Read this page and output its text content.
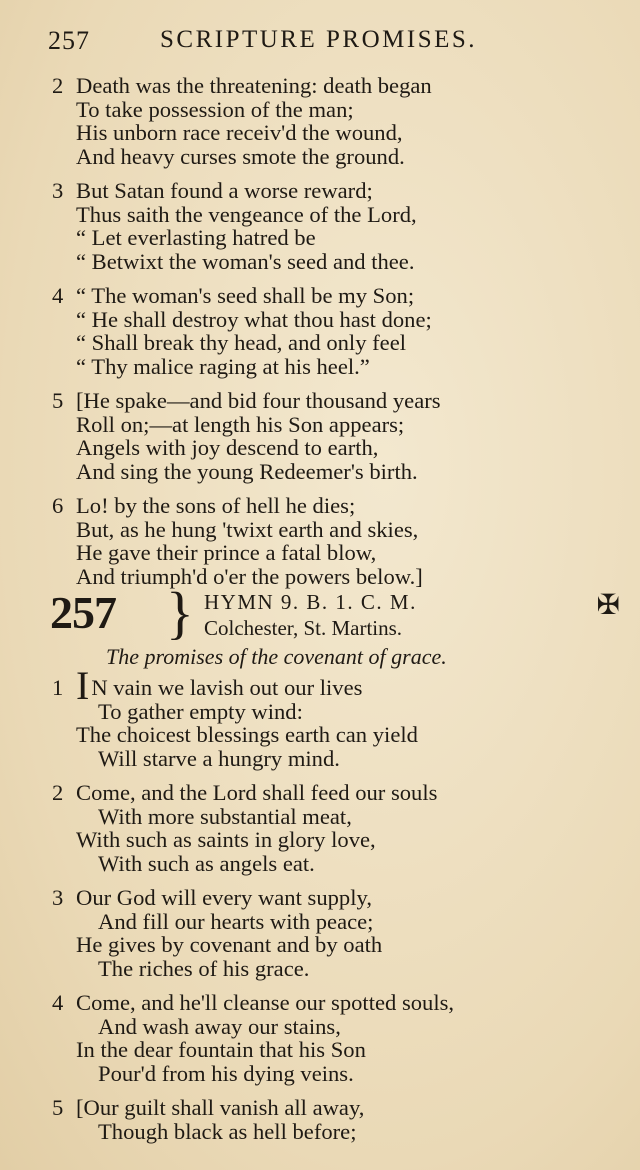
257	SCRIPTURE PROMISES.
2 Death was the threatening: death began
To take possession of the man;
His unborn race receiv'd the wound,
And heavy curses smote the ground.
3 But Satan found a worse reward;
Thus saith the vengeance of the Lord,
“ Let everlasting hatred be
“ Betwixt the woman's seed and thee.
4 “ The woman's seed shall be my Son;
“ He shall destroy what thou hast done;
“ Shall break thy head, and only feel
“ Thy malice raging at his heel.”
5 [He spake—and bid four thousand years
Roll on;—at length his Son appears;
Angels with joy descend to earth,
And sing the young Redeemer's birth.
6 Lo! by the sons of hell he dies;
But, as he hung 'twixt earth and skies,
He gave their prince a fatal blow,
And triumph'd o'er the powers below.]
257 } HYMN 9. B. 1. C. M.
Colchester, St. Martins.
✠
The promises of the covenant of grace.
1 IN vain we lavish out our lives
To gather empty wind:
The choicest blessings earth can yield
Will starve a hungry mind.
2 Come, and the Lord shall feed our souls
With more substantial meat,
With such as saints in glory love,
With such as angels eat.
3 Our God will every want supply,
And fill our hearts with peace;
He gives by covenant and by oath
The riches of his grace.
4 Come, and he'll cleanse our spotted souls,
And wash away our stains,
In the dear fountain that his Son
Pour'd from his dying veins.
5 [Our guilt shall vanish all away,
Though black as hell before;
